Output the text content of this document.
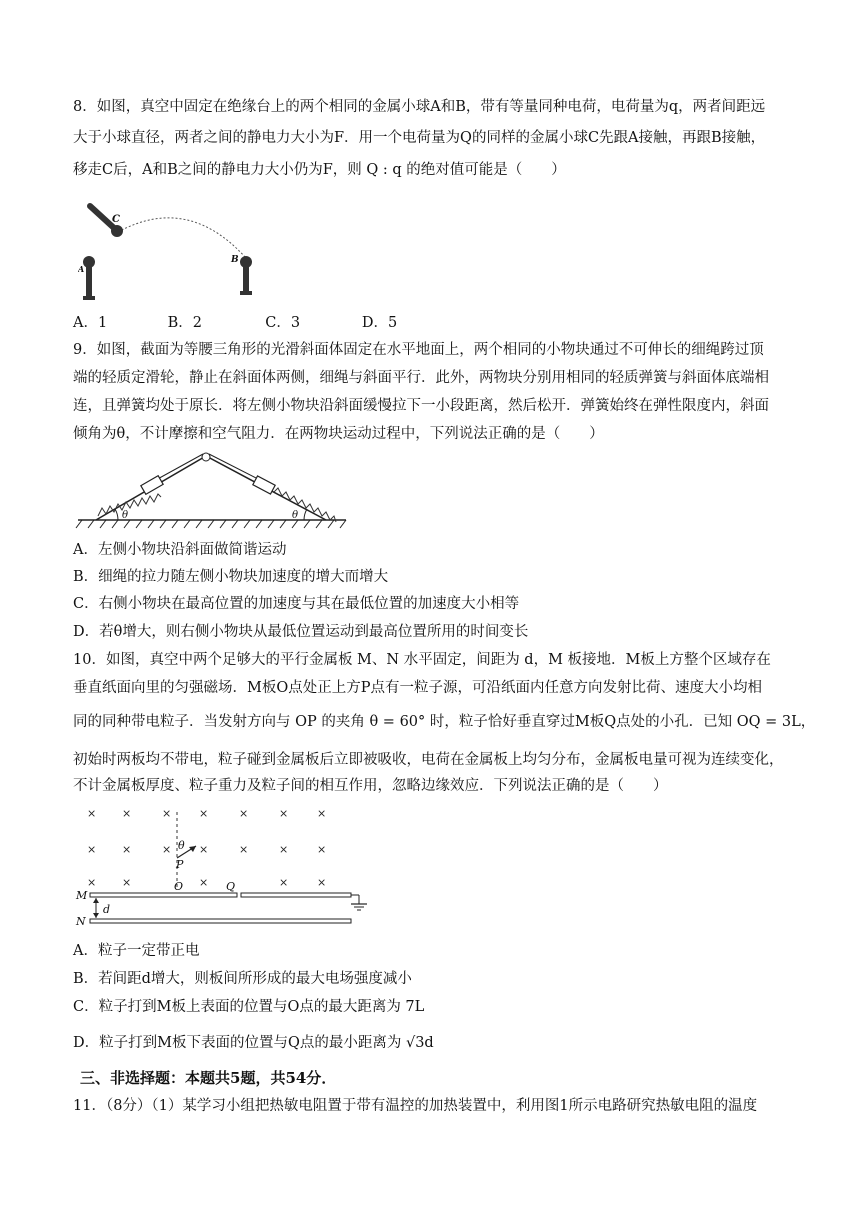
8．如图，真空中固定在绝缘台上的两个相同的金属小球A和B，带有等量同种电荷，电荷量为q，两者间距远
大于小球直径，两者之间的静电力大小为F．用一个电荷量为Q的同样的金属小球C先跟A接触，再跟B接触，
移走C后，A和B之间的静电力大小仍为F，则 Q : q 的绝对值可能是（　　）
C
A
B
A．1	B．2	C．3	D．5
9．如图，截面为等腰三角形的光滑斜面体固定在水平地面上，两个相同的小物块通过不可伸长的细绳跨过顶
端的轻质定滑轮，静止在斜面体两侧，细绳与斜面平行．此外，两物块分别用相同的轻质弹簧与斜面体底端相
连，且弹簧均处于原长．将左侧小物块沿斜面缓慢拉下一小段距离，然后松开．弹簧始终在弹性限度内，斜面
倾角为θ，不计摩擦和空气阻力．在两物块运动过程中，下列说法正确的是（　　）
θ	θ
A．左侧小物块沿斜面做简谐运动
B．细绳的拉力随左侧小物块加速度的增大而增大
C．右侧小物块在最高位置的加速度与其在最低位置的加速度大小相等
D．若θ增大，则右侧小物块从最低位置运动到最高位置所用的时间变长
10．如图，真空中两个足够大的平行金属板 M、N 水平固定，间距为 d，M 板接地．M板上方整个区域存在
垂直纸面向里的匀强磁场．M板O点处正上方P点有一粒子源，可沿纸面内任意方向发射比荷、速度大小均相
同的同种带电粒子．当发射方向与 OP 的夹角 θ = 60° 时，粒子恰好垂直穿过M板Q点处的小孔．已知 OQ = 3L，
初始时两板均不带电，粒子碰到金属板后立即被吸收，电荷在金属板上均匀分布，金属板电量可视为连续变化，
不计金属板厚度、粒子重力及粒子间的相互作用，忽略边缘效应．下列说法正确的是（　　）
× ×	×	×	×	×	×
× ×	×	×	×	×	×
× ×	×	×	×
θ
P
O	Q
M
N
d
A．粒子一定带正电
B．若间距d增大，则板间所形成的最大电场强度减小
C．粒子打到M板上表面的位置与O点的最大距离为 7L
D．粒子打到M板下表面的位置与Q点的最小距离为 √3d
三、非选择题：本题共5题，共54分．
11．（8分）（1）某学习小组把热敏电阻置于带有温控的加热装置中，利用图1所示电路研究热敏电阻的温度
